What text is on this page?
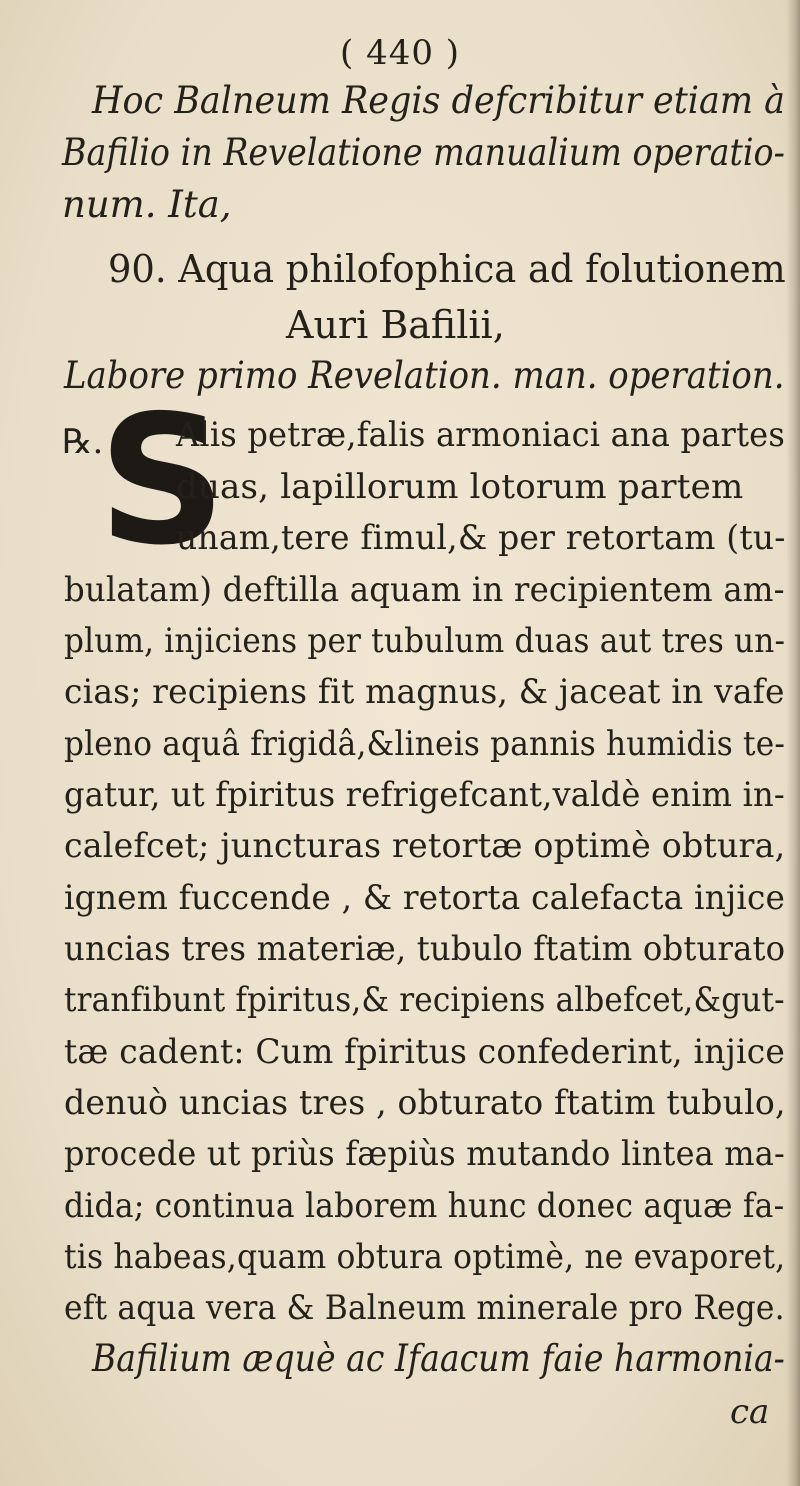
( 440 )
Hoc Balneum Regis defcribitur etiam à
Bafilio in Revelatione manualium operatio-
num. Ita,
90. Aqua philofophica ad folutionem
Auri Bafilii,
Labore primo Revelation. man. operation.
℞.
S
Alis petræ,falis armoniaci ana partes
duas, lapillorum lotorum partem
unam,tere fimul,& per retortam (tu-
bulatam) deftilla aquam in recipientem am-
plum, injiciens per tubulum duas aut tres un-
cias; recipiens fit magnus, & jaceat in vafe
pleno aquâ frigidâ,&lineis pannis humidis te-
gatur, ut fpiritus refrigefcant,valdè enim in-
calefcet; juncturas retortæ optimè obtura,
ignem fuccende , & retorta calefacta injice
uncias tres materiæ, tubulo ftatim obturato
tranfibunt fpiritus,& recipiens albefcet,&gut-
tæ cadent: Cum fpiritus confederint, injice
denuò uncias tres , obturato ftatim tubulo,
procede ut priùs fæpiùs mutando lintea ma-
dida; continua laborem hunc donec aquæ fa-
tis habeas,quam obtura optimè, ne evaporet,
eft aqua vera & Balneum minerale pro Rege.
Bafilium æquè ac Ifaacum faie harmonia-
ca
